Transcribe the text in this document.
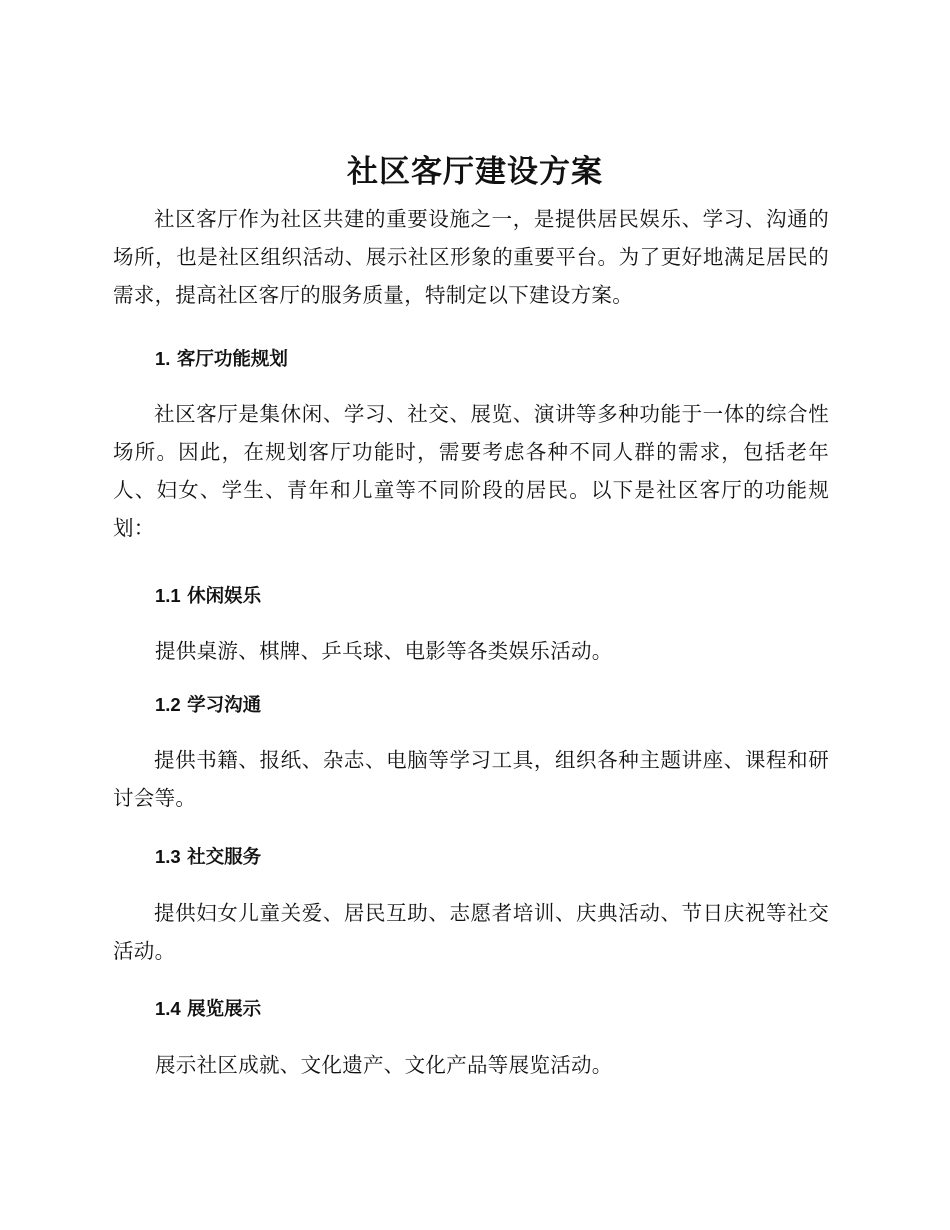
社区客厅建设方案

社区客厅作为社区共建的重要设施之一，是提供居民娱乐、学习、沟通的场所，也是社区组织活动、展示社区形象的重要平台。为了更好地满足居民的需求，提高社区客厅的服务质量，特制定以下建设方案。

1. 客厅功能规划

社区客厅是集休闲、学习、社交、展览、演讲等多种功能于一体的综合性场所。因此，在规划客厅功能时，需要考虑各种不同人群的需求，包括老年人、妇女、学生、青年和儿童等不同阶段的居民。以下是社区客厅的功能规划：

1.1 休闲娱乐

提供桌游、棋牌、乒乓球、电影等各类娱乐活动。

1.2 学习沟通

提供书籍、报纸、杂志、电脑等学习工具，组织各种主题讲座、课程和研讨会等。

1.3 社交服务

提供妇女儿童关爱、居民互助、志愿者培训、庆典活动、节日庆祝等社交活动。

1.4 展览展示

展示社区成就、文化遗产、文化产品等展览活动。
